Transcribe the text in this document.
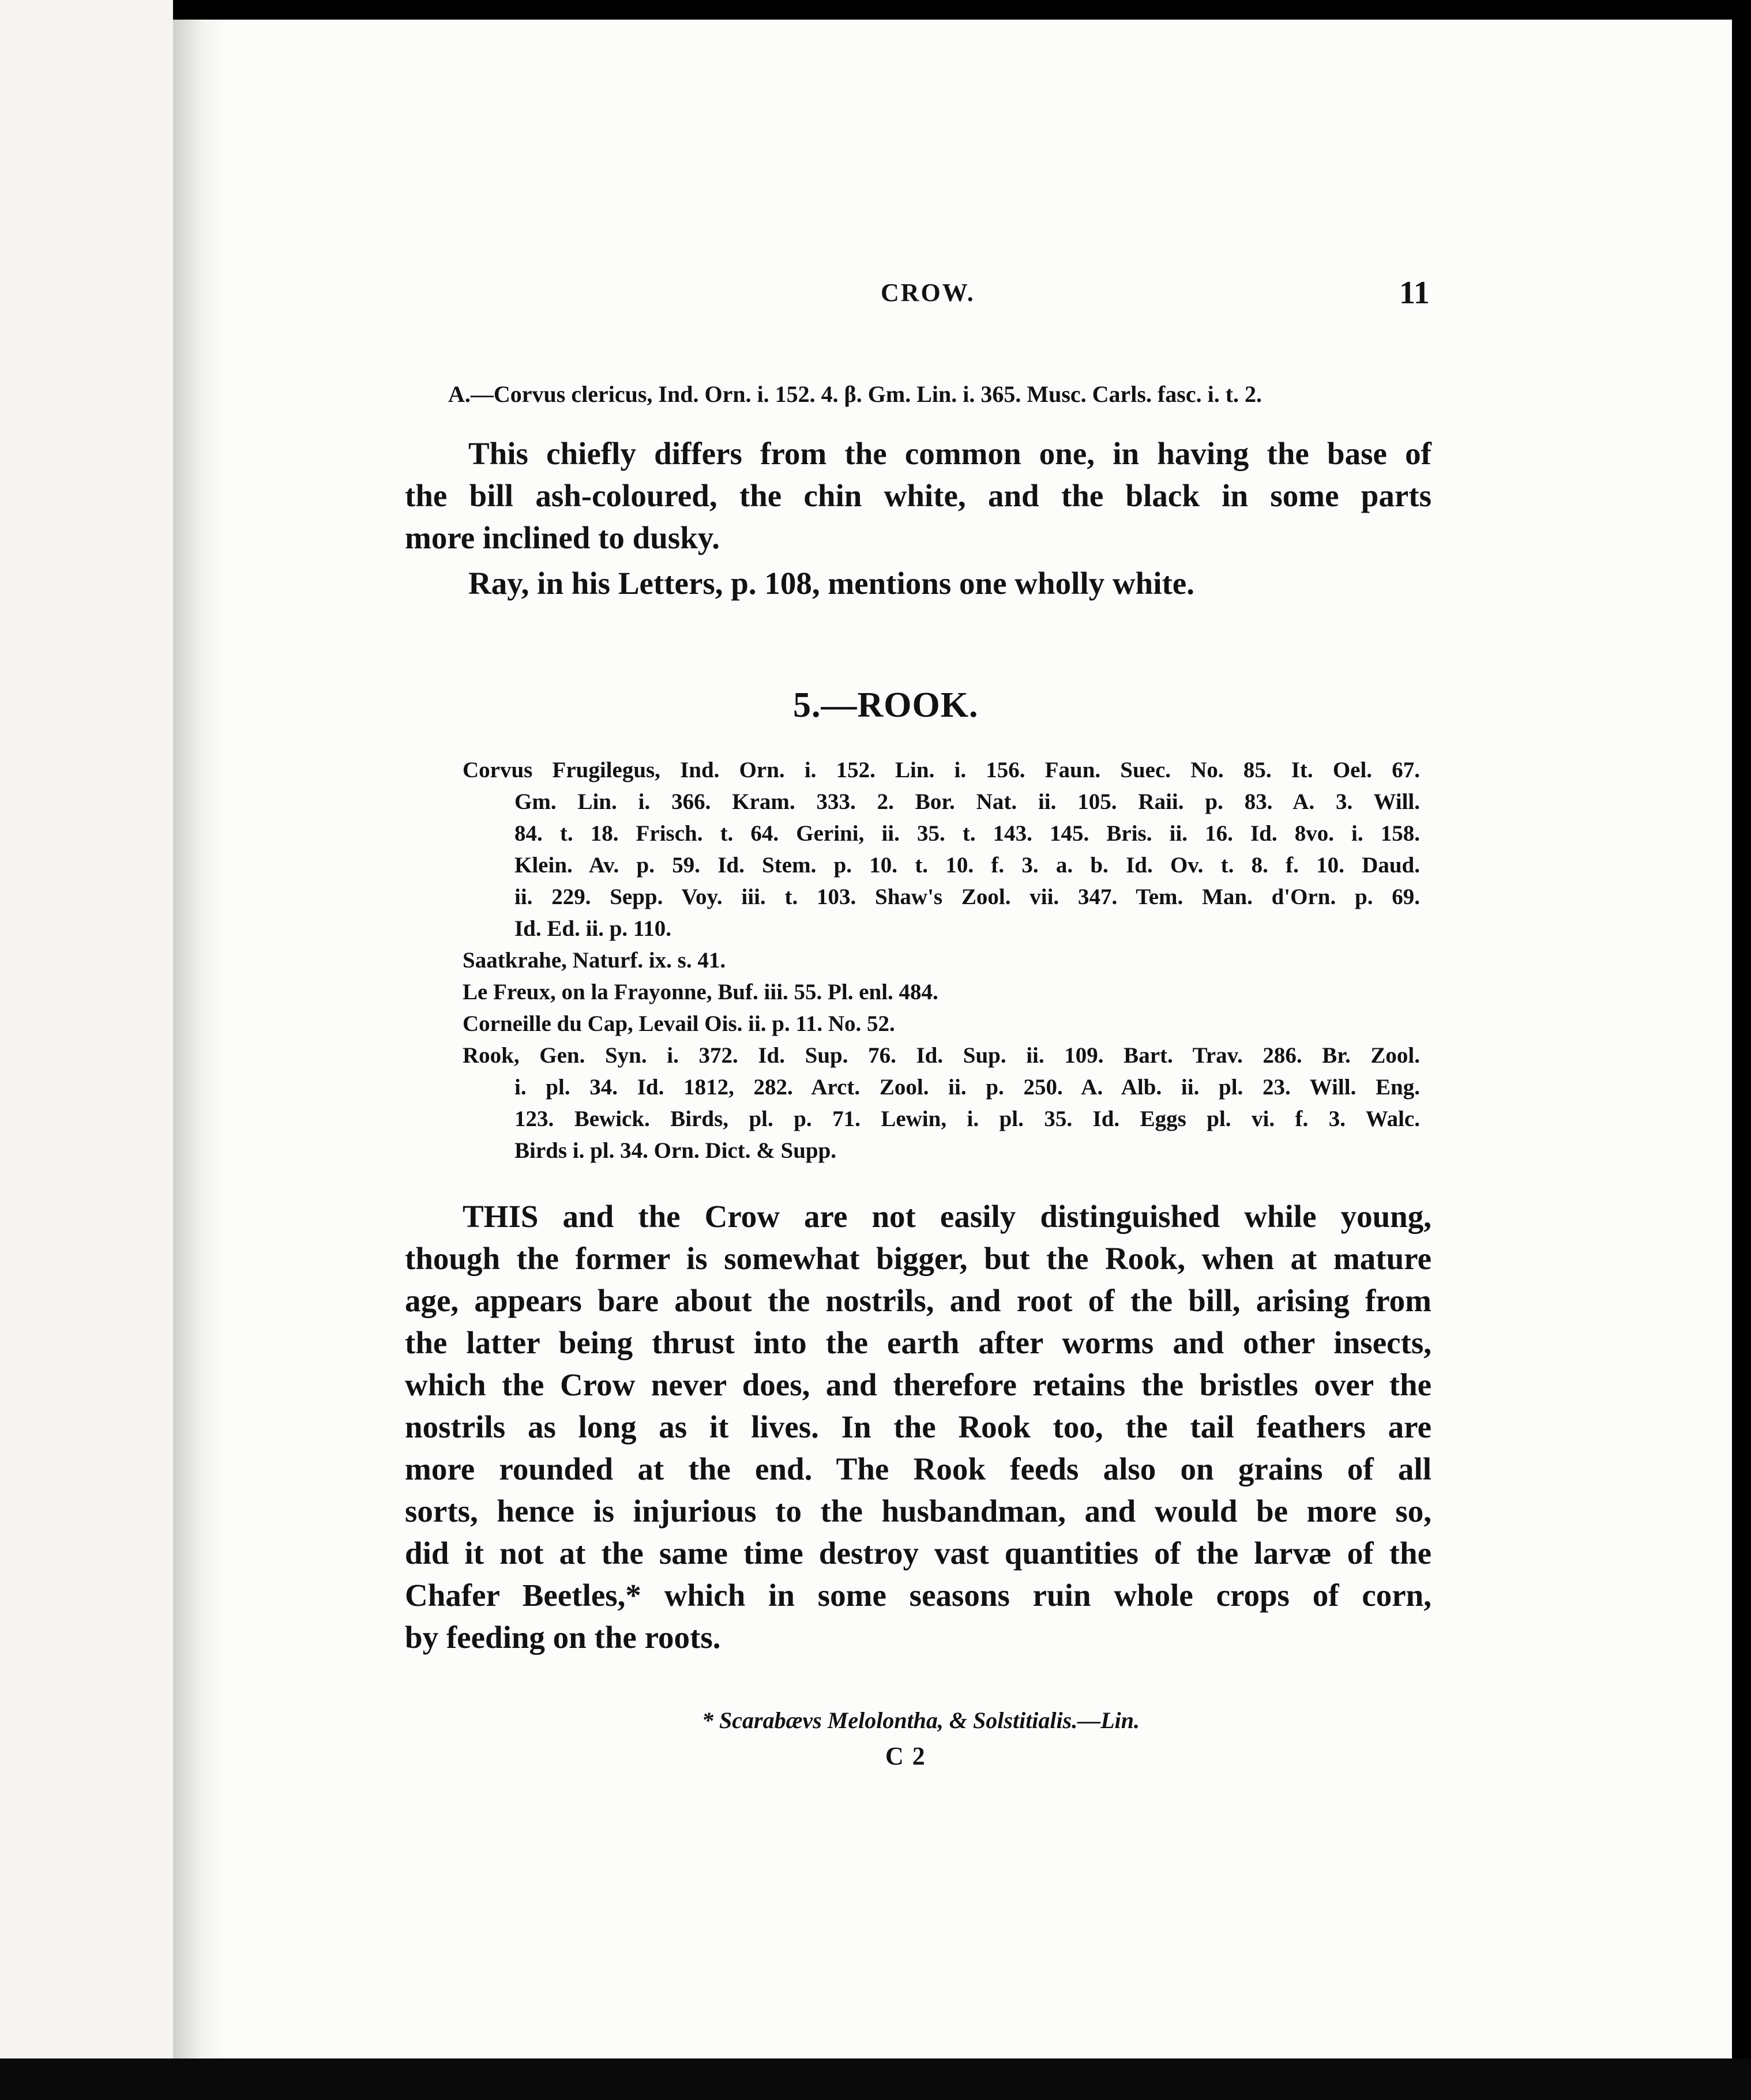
CROW.	11
A.—Corvus clericus, Ind. Orn. i. 152. 4. β. Gm. Lin. i. 365. Musc. Carls. fasc. i. t. 2.
This chiefly differs from the common one, in having the base of
the bill ash-coloured, the chin white, and the black in some parts
more inclined to dusky.
Ray, in his Letters, p. 108, mentions one wholly white.
5.—ROOK.
Corvus Frugilegus, Ind. Orn. i. 152. Lin. i. 156. Faun. Suec. No. 85. It. Oel. 67.
Gm. Lin. i. 366. Kram. 333. 2. Bor. Nat. ii. 105. Raii. p. 83. A. 3. Will.
84. t. 18. Frisch. t. 64. Gerini, ii. 35. t. 143. 145. Bris. ii. 16. Id. 8vo. i. 158.
Klein. Av. p. 59. Id. Stem. p. 10. t. 10. f. 3. a. b. Id. Ov. t. 8. f. 10. Daud.
ii. 229. Sepp. Voy. iii. t. 103. Shaw's Zool. vii. 347. Tem. Man. d'Orn. p. 69.
Id. Ed. ii. p. 110.
Saatkrahe, Naturf. ix. s. 41.
Le Freux, on la Frayonne, Buf. iii. 55. Pl. enl. 484.
Corneille du Cap, Levail Ois. ii. p. 11. No. 52.
Rook, Gen. Syn. i. 372. Id. Sup. 76. Id. Sup. ii. 109. Bart. Trav. 286. Br. Zool.
i. pl. 34. Id. 1812, 282. Arct. Zool. ii. p. 250. A. Alb. ii. pl. 23. Will. Eng.
123. Bewick. Birds, pl. p. 71. Lewin, i. pl. 35. Id. Eggs pl. vi. f. 3. Walc.
Birds i. pl. 34. Orn. Dict. & Supp.
THIS and the Crow are not easily distinguished while young,
though the former is somewhat bigger, but the Rook, when at mature
age, appears bare about the nostrils, and root of the bill, arising from
the latter being thrust into the earth after worms and other insects,
which the Crow never does, and therefore retains the bristles over the
nostrils as long as it lives. In the Rook too, the tail feathers are
more rounded at the end. The Rook feeds also on grains of all
sorts, hence is injurious to the husbandman, and would be more so,
did it not at the same time destroy vast quantities of the larvæ of the
Chafer Beetles,* which in some seasons ruin whole crops of corn,
by feeding on the roots.
* Scarabævs Melolontha, & Solstitialis.—Lin.
C 2
